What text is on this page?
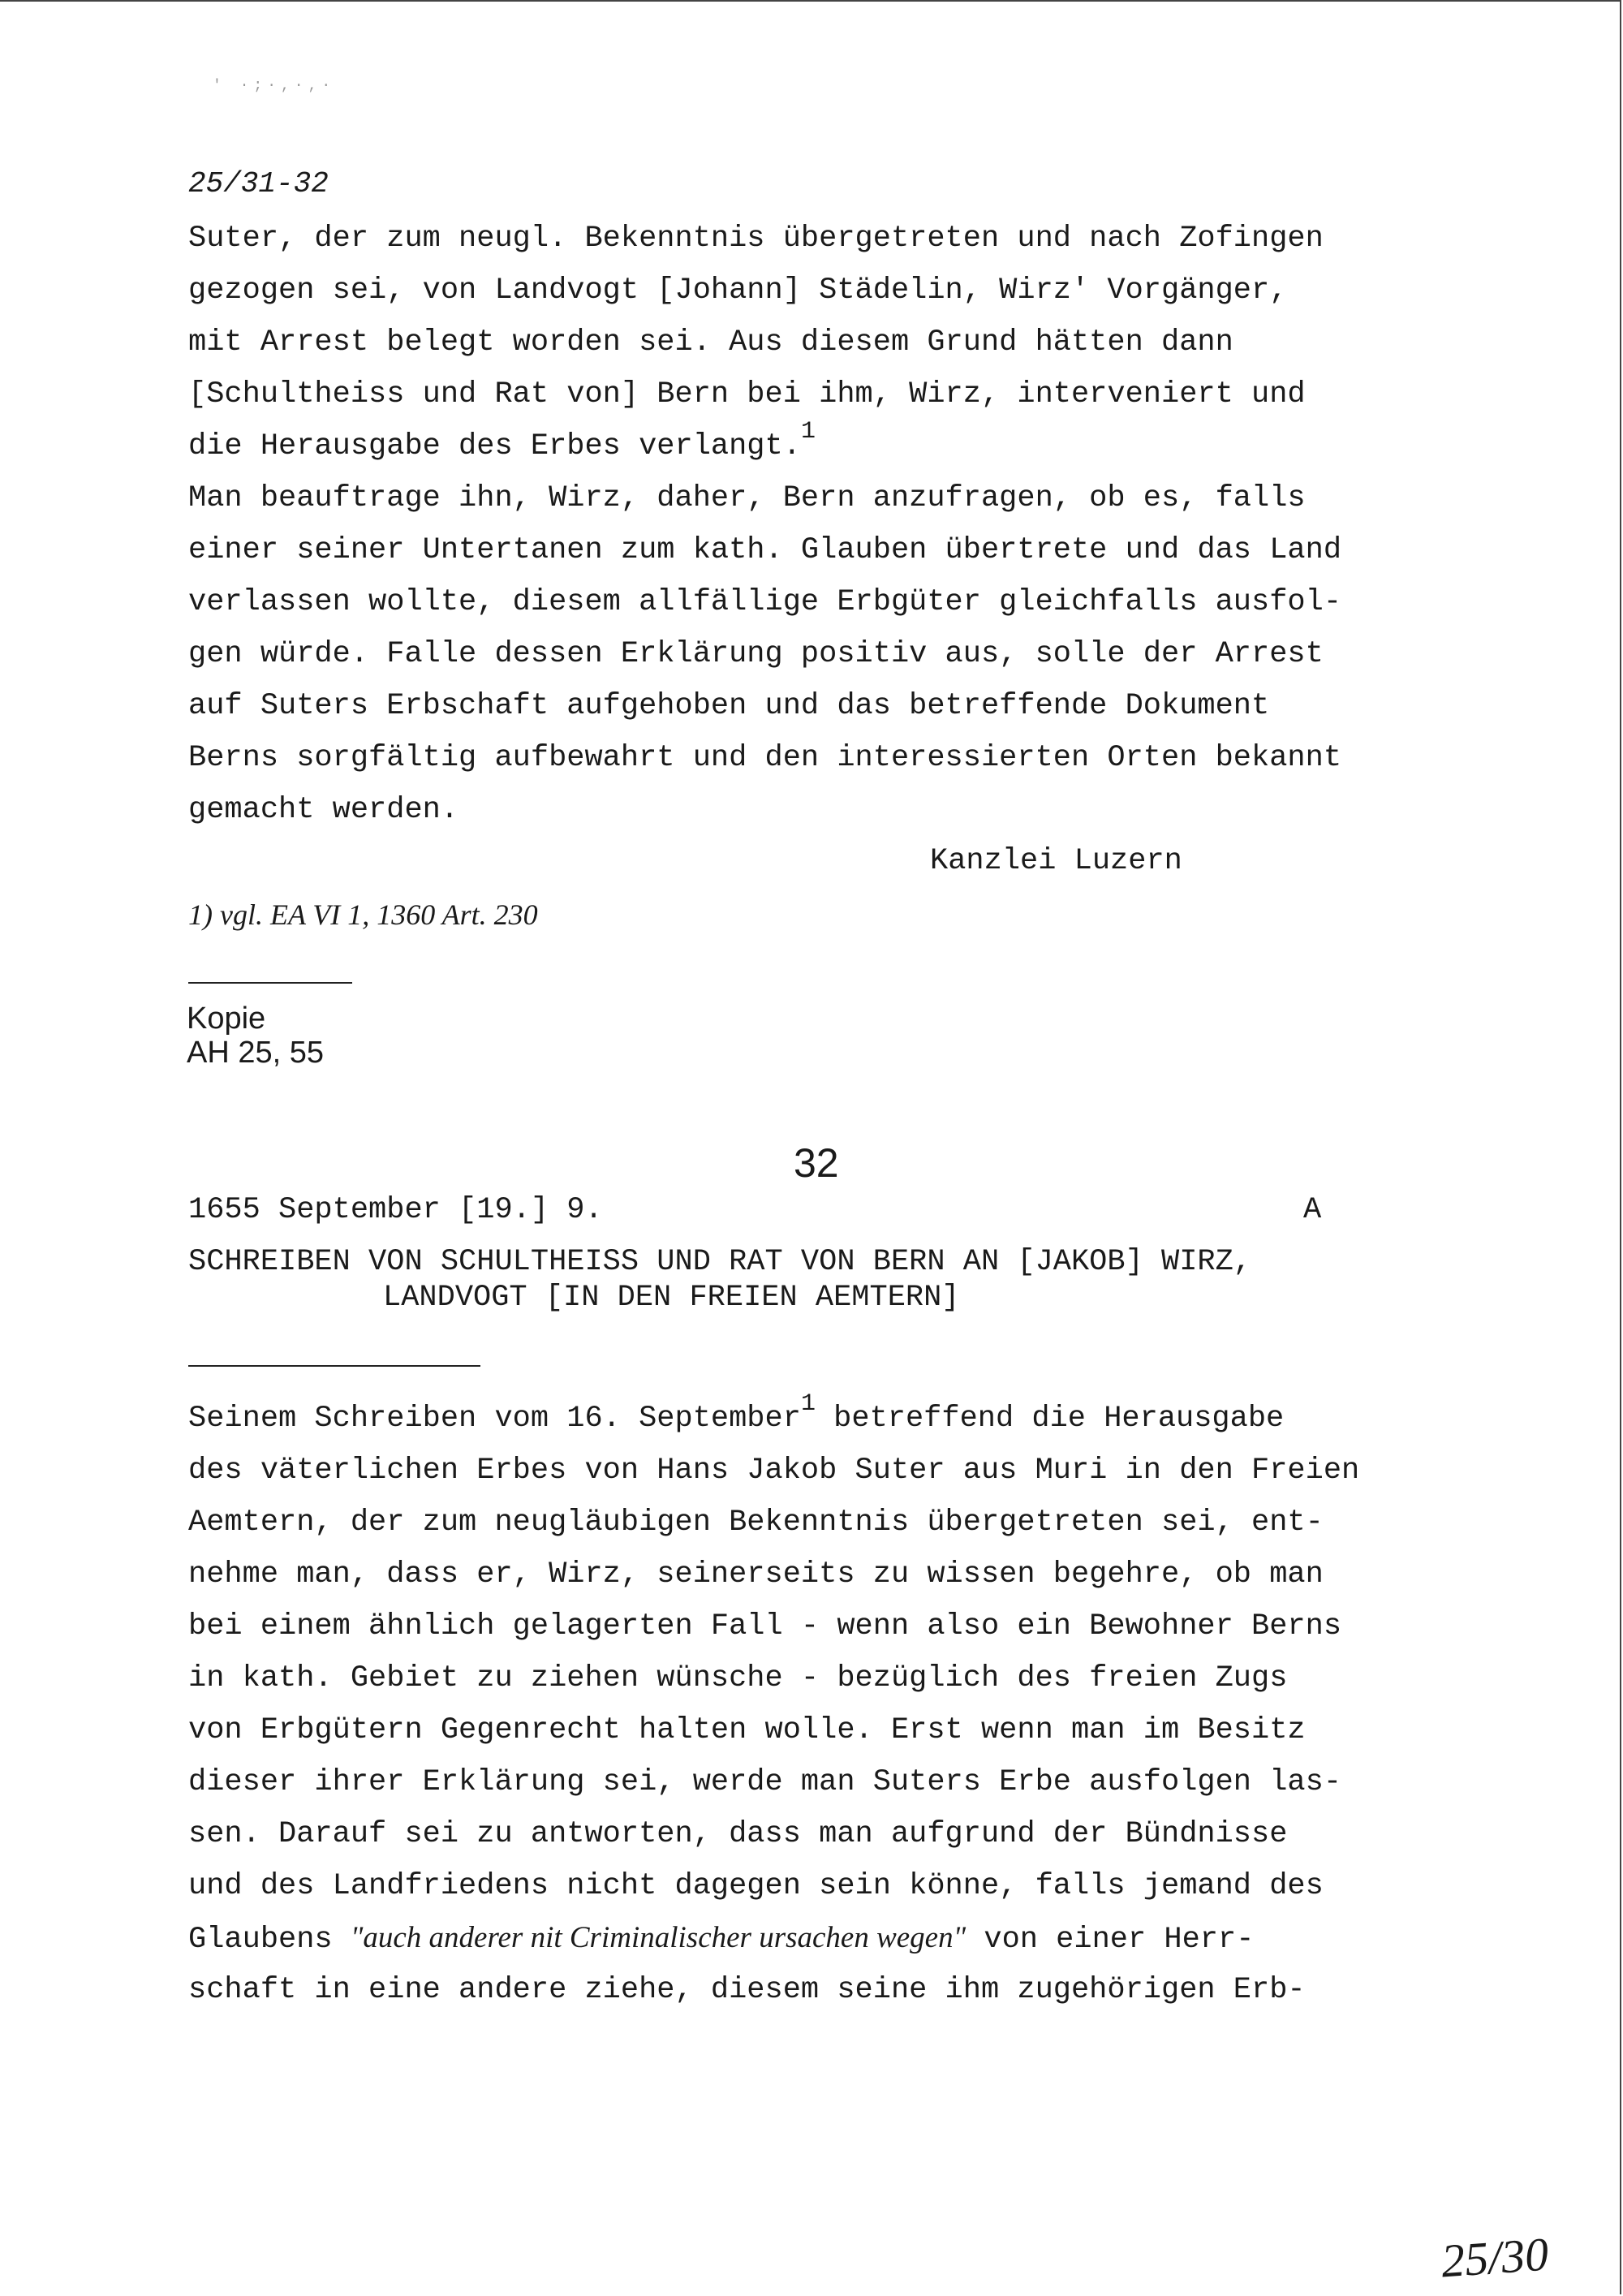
' ·;·,·,·
25/31-32
Suter, der zum neugl. Bekenntnis übergetreten und nach Zofingen
gezogen sei, von Landvogt [Johann] Städelin, Wirz' Vorgänger,
mit Arrest belegt worden sei. Aus diesem Grund hätten dann
[Schultheiss und Rat von] Bern bei ihm, Wirz, interveniert und
die Herausgabe des Erbes verlangt.$^1$
Man beauftrage ihn, Wirz, daher, Bern anzufragen, ob es, falls
einer seiner Untertanen zum kath. Glauben übertrete und das Land
verlassen wollte, diesem allfällige Erbgüter gleichfalls ausfol-
gen würde. Falle dessen Erklärung positiv aus, solle der Arrest
auf Suters Erbschaft aufgehoben und das betreffende Dokument
Berns sorgfältig aufbewahrt und den interessierten Orten bekannt
gemacht werden.
Kanzlei Luzern
1) vgl. EA VI 1, 1360 Art. 230
Kopie
AH 25, 55
32
1655 September [19.] 9.	A
SCHREIBEN VON SCHULTHEISS UND RAT VON BERN AN [JAKOB] WIRZ,
LANDVOGT [IN DEN FREIEN AEMTERN]
Seinem Schreiben vom 16. September$^1$ betreffend die Herausgabe
des väterlichen Erbes von Hans Jakob Suter aus Muri in den Freien
Aemtern, der zum neugläubigen Bekenntnis übergetreten sei, ent-
nehme man, dass er, Wirz, seinerseits zu wissen begehre, ob man
bei einem ähnlich gelagerten Fall - wenn also ein Bewohner Berns
in kath. Gebiet zu ziehen wünsche - bezüglich des freien Zugs
von Erbgütern Gegenrecht halten wolle. Erst wenn man im Besitz
dieser ihrer Erklärung sei, werde man Suters Erbe ausfolgen las-
sen. Darauf sei zu antworten, dass man aufgrund der Bündnisse
und des Landfriedens nicht dagegen sein könne, falls jemand des
Glaubens "auch anderer nit Criminalischer ursachen wegen" von einer Herr-
schaft in eine andere ziehe, diesem seine ihm zugehörigen Erb-
25/30
